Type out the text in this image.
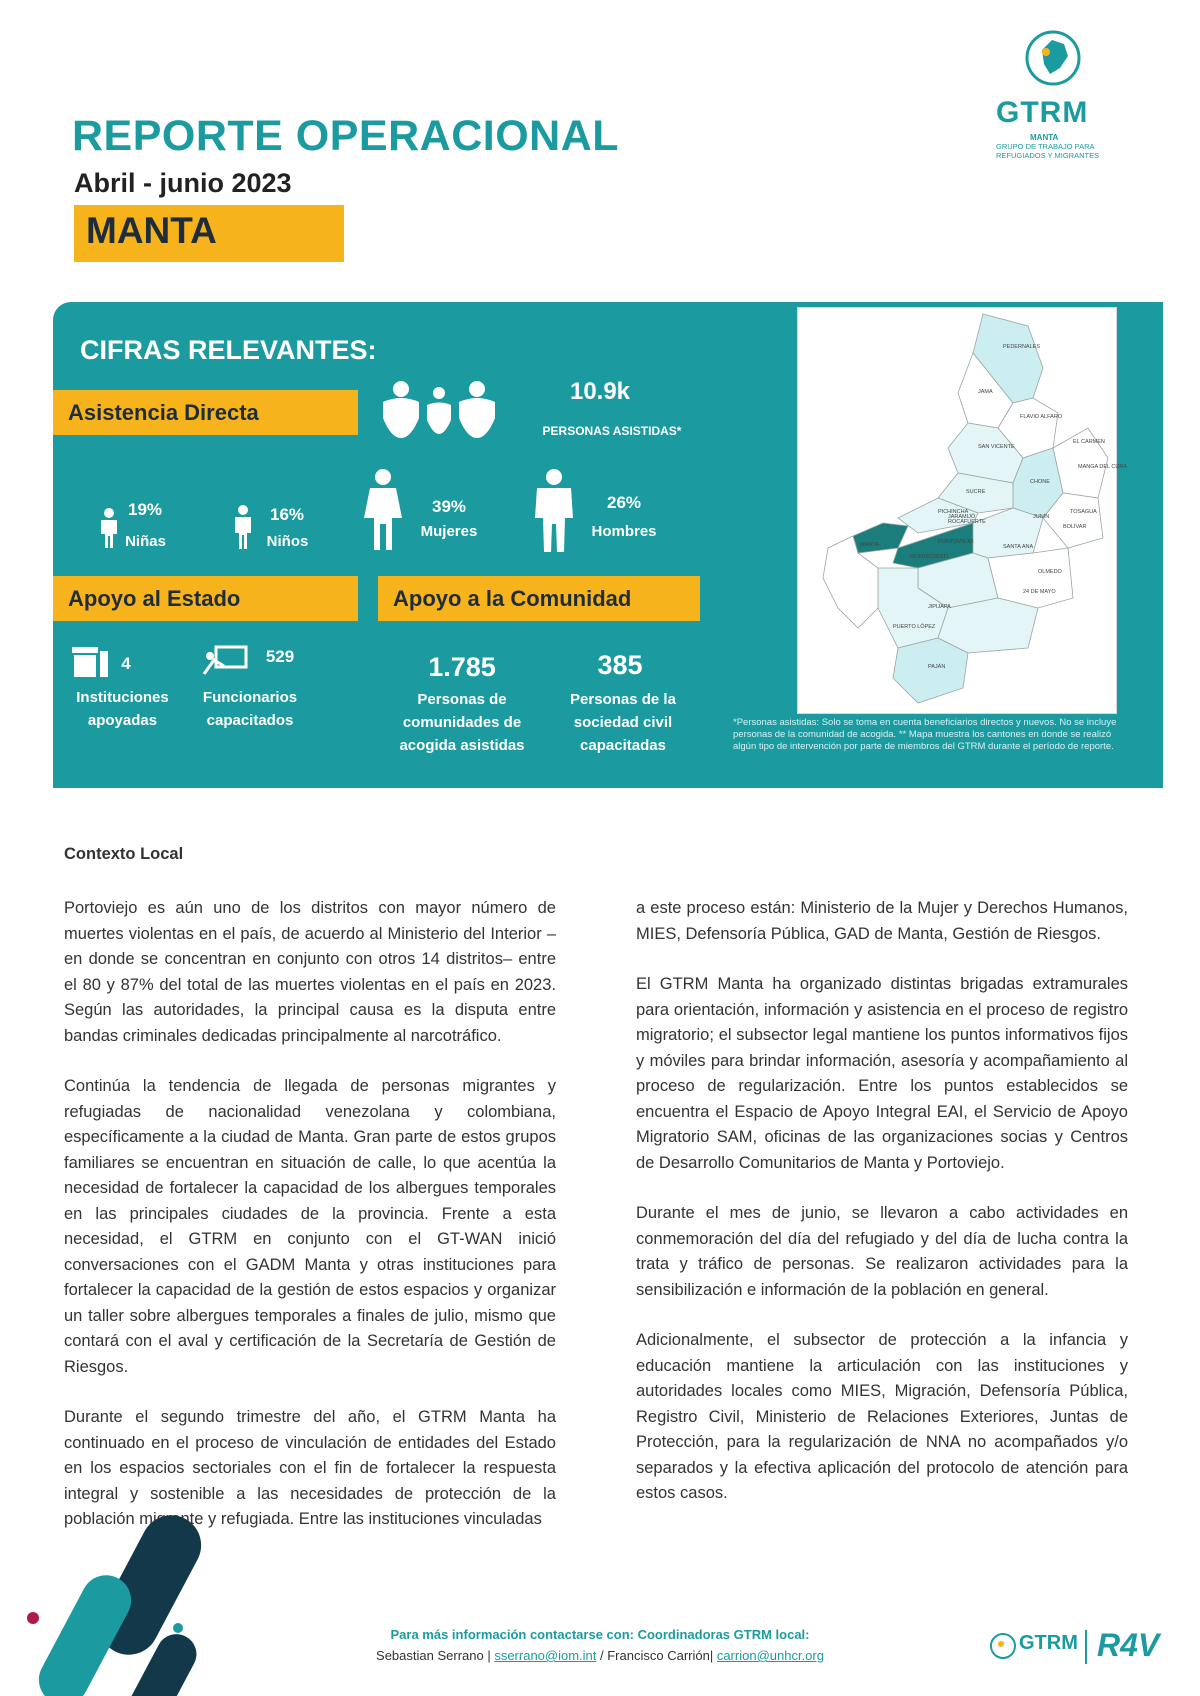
REPORTE OPERACIONAL
Abril - junio 2023
MANTA
GTRM
MANTA
GRUPO DE TRABAJO PARA REFUGIADOS Y MIGRANTES
CIFRAS RELEVANTES:
Asistencia Directa
10.9k
PERSONAS ASISTIDAS*
19%
Niñas
16%
Niños
39%
Mujeres
26%
Hombres
Apoyo al Estado
4
Instituciones
apoyadas
529
Funcionarios
capacitados
Apoyo a la Comunidad
1.785
Personas de
comunidades de
acogida asistidas
385
Personas de la
sociedad civil
capacitadas
PEDERNALES
JAMA
FLAVIO ALFARO
EL CARMEN
SAN VICENTE
CHONE
SUCRE
TOSAGUA
PICHINCHA
MANTA
JARAMIJÓ
MONTECRISTI
PORTOVIEJO
SANTA ANA
JIPIJAPA
PUERTO LÓPEZ
OLMEDO
24 DE MAYO
PAJÁN
JUNÍN
BOLÍVAR
ROCAFUERTE
MANGA DEL CURA
*Personas asistidas: Solo se toma en cuenta beneficiarios directos y nuevos. No se incluye personas de la comunidad de acogida. ** Mapa muestra los cantones en donde se realizó algún tipo de intervención por parte de miembros del GTRM durante el período de reporte.
Contexto Local

Portoviejo es aún uno de los distritos con mayor número de muertes violentas en el país, de acuerdo al Ministerio del Interior –en donde se concentran en conjunto con otros 14 distritos– entre el 80 y 87% del total de las muertes violentas en el país en 2023. Según las autoridades, la principal causa es la disputa entre bandas criminales dedicadas principalmente al narcotráfico.

Continúa la tendencia de llegada de personas migrantes y refugiadas de nacionalidad venezolana y colombiana, específicamente a la ciudad de Manta. Gran parte de estos grupos familiares se encuentran en situación de calle, lo que acentúa la necesidad de fortalecer la capacidad de los albergues temporales en las principales ciudades de la provincia. Frente a esta necesidad, el GTRM en conjunto con el GT-WAN inició conversaciones con el GADM Manta y otras instituciones para fortalecer la capacidad de la gestión de estos espacios y organizar un taller sobre albergues temporales a finales de julio, mismo que contará con el aval y certificación de la Secretaría de Gestión de Riesgos.

Durante el segundo trimestre del año, el GTRM Manta ha continuado en el proceso de vinculación de entidades del Estado en los espacios sectoriales con el fin de fortalecer la respuesta integral y sostenible a las necesidades de protección de la población migrante y refugiada. Entre las instituciones vinculadas

a este proceso están: Ministerio de la Mujer y Derechos Humanos, MIES, Defensoría Pública, GAD de Manta, Gestión de Riesgos.

El GTRM Manta ha organizado distintas brigadas extramurales para orientación, información y asistencia en el proceso de registro migratorio; el subsector legal mantiene los puntos informativos fijos y móviles para brindar información, asesoría y acompañamiento al proceso de regularización. Entre los puntos establecidos se encuentra el Espacio de Apoyo Integral EAI, el Servicio de Apoyo Migratorio SAM, oficinas de las organizaciones socias y Centros de Desarrollo Comunitarios de Manta y Portoviejo.

Durante el mes de junio, se llevaron a cabo actividades en conmemoración del día del refugiado y del día de lucha contra la trata y tráfico de personas. Se realizaron actividades para la sensibilización e información de la población en general.

Adicionalmente, el subsector de protección a la infancia y educación mantiene la articulación con las instituciones y autoridades locales como MIES, Migración, Defensoría Pública, Registro Civil, Ministerio de Relaciones Exteriores, Juntas de Protección, para la regularización de NNA no acompañados y/o separados y la efectiva aplicación del protocolo de atención para estos casos.

Para más información contactarse con: Coordinadoras GTRM local:
Sebastian Serrano | sserrano@iom.int / Francisco Carrión| carrion@unhcr.org
GTRM R4V
